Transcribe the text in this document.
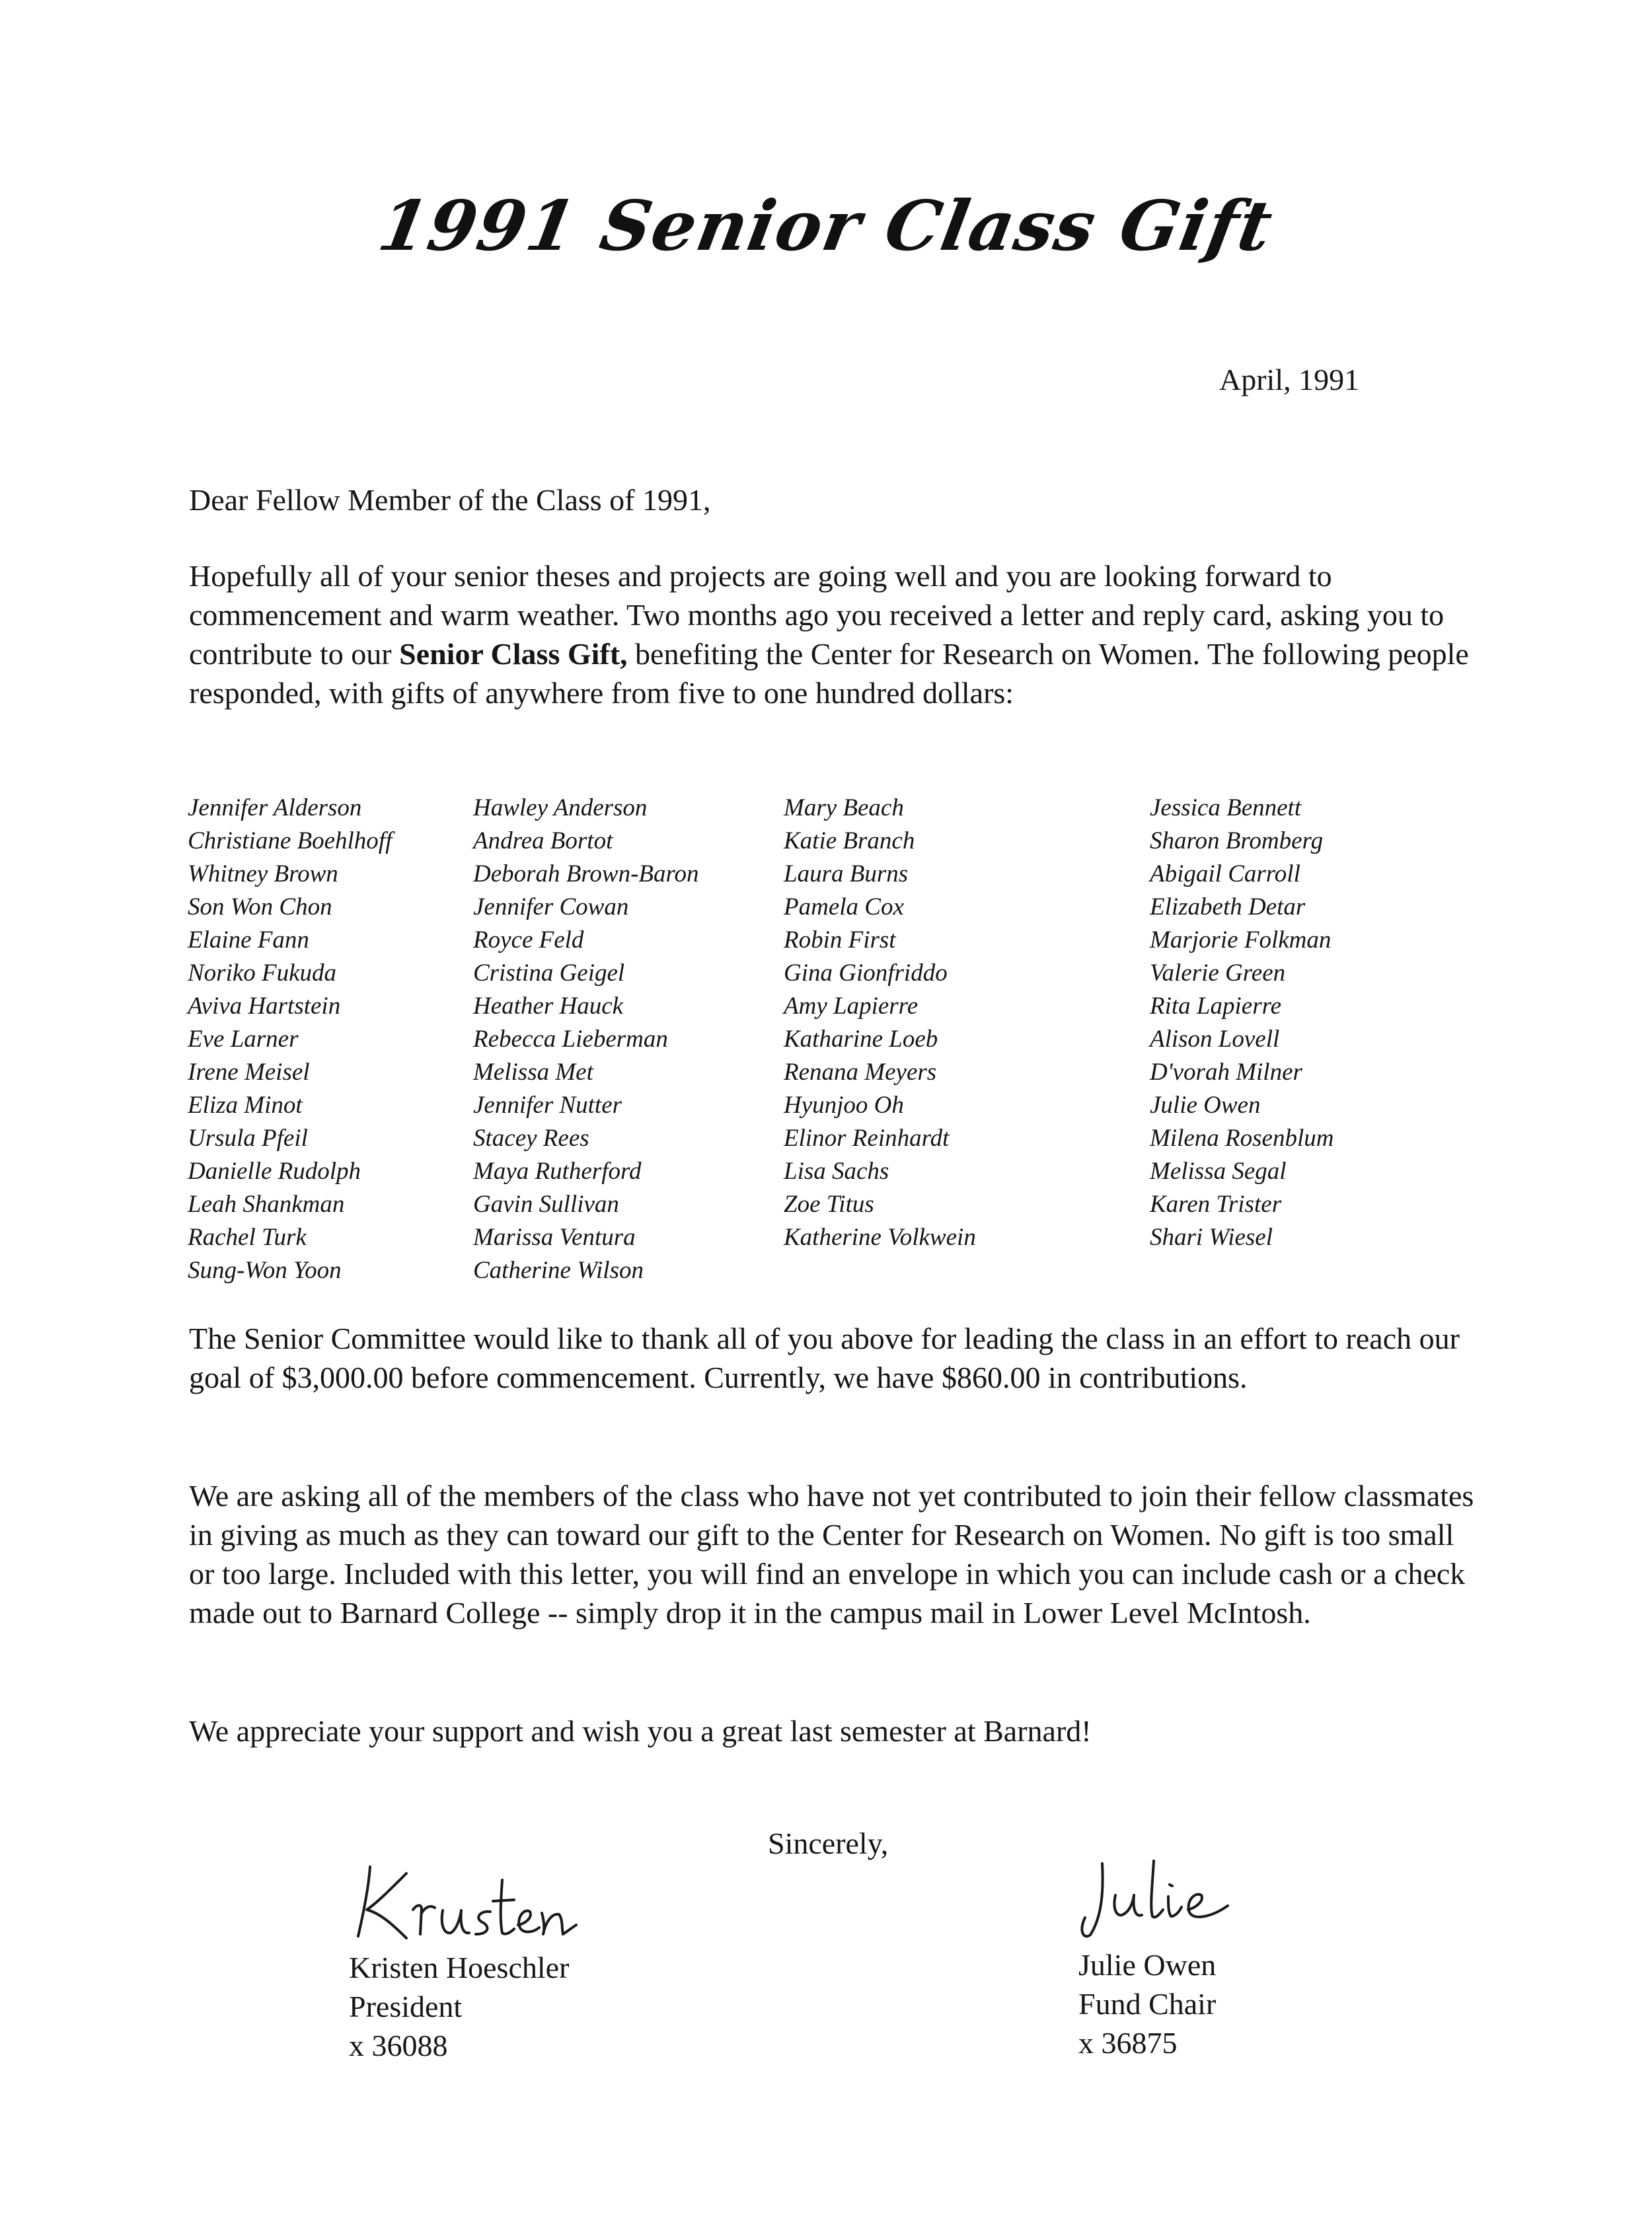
1991 Senior Class Gift
April, 1991
Dear Fellow Member of the Class of 1991,
Hopefully all of your senior theses and projects are going well and you are looking forward to commencement and warm weather. Two months ago you received a letter and reply card, asking you to contribute to our Senior Class Gift, benefiting the Center for Research on Women. The following people responded, with gifts of anywhere from five to one hundred dollars:
Jennifer Alderson
Christiane Boehlhoff
Whitney Brown
Son Won Chon
Elaine Fann
Noriko Fukuda
Aviva Hartstein
Eve Larner
Irene Meisel
Eliza Minot
Ursula Pfeil
Danielle Rudolph
Leah Shankman
Rachel Turk
Sung-Won Yoon
Hawley Anderson
Andrea Bortot
Deborah Brown-Baron
Jennifer Cowan
Royce Feld
Cristina Geigel
Heather Hauck
Rebecca Lieberman
Melissa Met
Jennifer Nutter
Stacey Rees
Maya Rutherford
Gavin Sullivan
Marissa Ventura
Catherine Wilson
Mary Beach
Katie Branch
Laura Burns
Pamela Cox
Robin First
Gina Gionfriddo
Amy Lapierre
Katharine Loeb
Renana Meyers
Hyunjoo Oh
Elinor Reinhardt
Lisa Sachs
Zoe Titus
Katherine Volkwein
Jessica Bennett
Sharon Bromberg
Abigail Carroll
Elizabeth Detar
Marjorie Folkman
Valerie Green
Rita Lapierre
Alison Lovell
D'vorah Milner
Julie Owen
Milena Rosenblum
Melissa Segal
Karen Trister
Shari Wiesel
The Senior Committee would like to thank all of you above for leading the class in an effort to reach our goal of $3,000.00 before commencement. Currently, we have $860.00 in contributions.
We are asking all of the members of the class who have not yet contributed to join their fellow classmates in giving as much as they can toward our gift to the Center for Research on Women. No gift is too small or too large. Included with this letter, you will find an envelope in which you can include cash or a check made out to Barnard College -- simply drop it in the campus mail in Lower Level McIntosh.
We appreciate your support and wish you a great last semester at Barnard!
Sincerely,
Kristen Hoeschler
President
x 36088
Julie Owen
Fund Chair
x 36875
